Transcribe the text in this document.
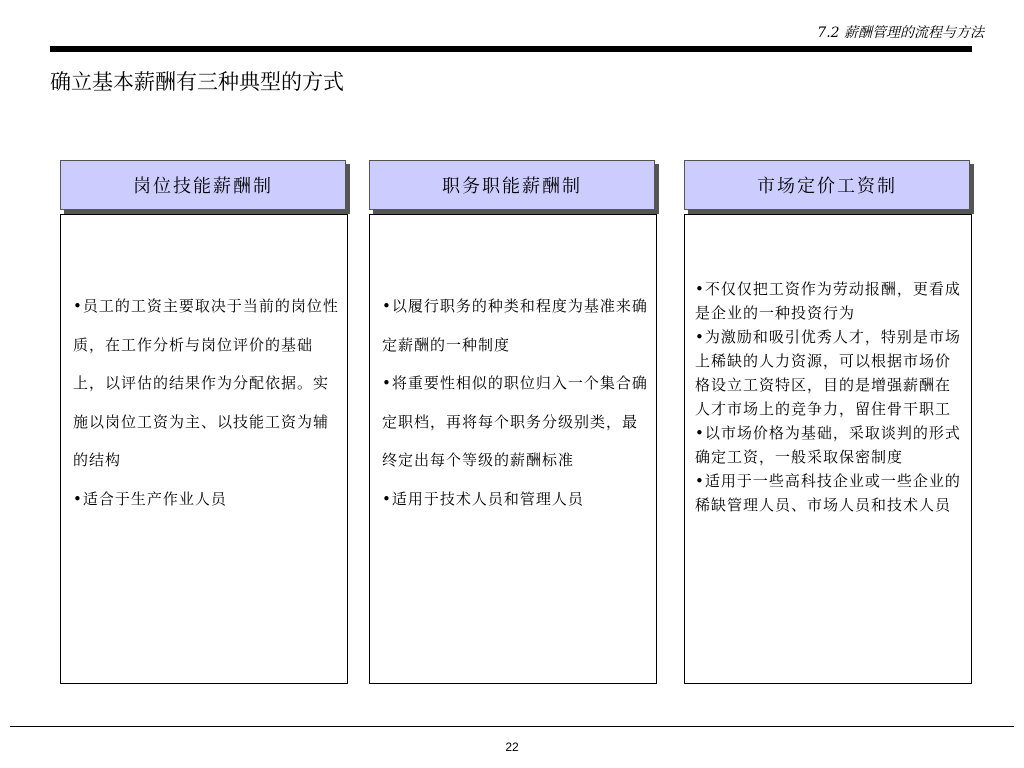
7.2 薪酬管理的流程与方法
确立基本薪酬有三种典型的方式
岗位技能薪酬制

•员工的工资主要取决于当前的岗位性质，在工作分析与岗位评价的基础上，以评估的结果作为分配依据。实施以岗位工资为主、以技能工资为辅的结构

•适合于生产作业人员

职务职能薪酬制

•以履行职务的种类和程度为基准来确定薪酬的一种制度

•将重要性相似的职位归入一个集合确定职档，再将每个职务分级别类，最终定出每个等级的薪酬标准

•适用于技术人员和管理人员

市场定价工资制

•不仅仅把工资作为劳动报酬，更看成是企业的一种投资行为

•为激励和吸引优秀人才，特别是市场上稀缺的人力资源，可以根据市场价格设立工资特区，目的是增强薪酬在人才市场上的竞争力，留住骨干职工

•以市场价格为基础，采取谈判的形式确定工资，一般采取保密制度

•适用于一些高科技企业或一些企业的稀缺管理人员、市场人员和技术人员

22
